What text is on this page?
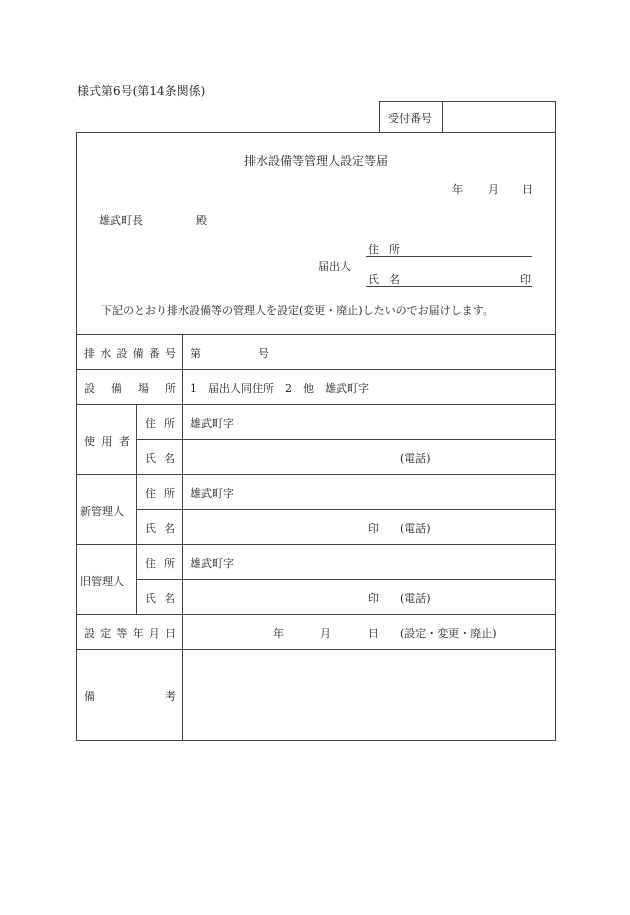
様式第6号(第14条関係)
受付番号
排水設備等管理人設定等届
年 月 日
雄武町長	殿
届出人
住 所
氏 名	印
下記のとおり排水設備等の管理人を設定(変更・廃止)したいのでお届けします。
排 水 設 備 番 号 第	号
設 備 場 所 1　届出人同住所　2　他　雄武町字
使 用 者
住 所 雄武町字
氏 名	(電話)
新管理人
住 所 雄武町字
氏 名	印 (電話)
旧管理人
住 所 雄武町字
氏 名	印 (電話)
設 定 等 年 月 日	年	月	日 (設定・変更・廃止)
備	考
